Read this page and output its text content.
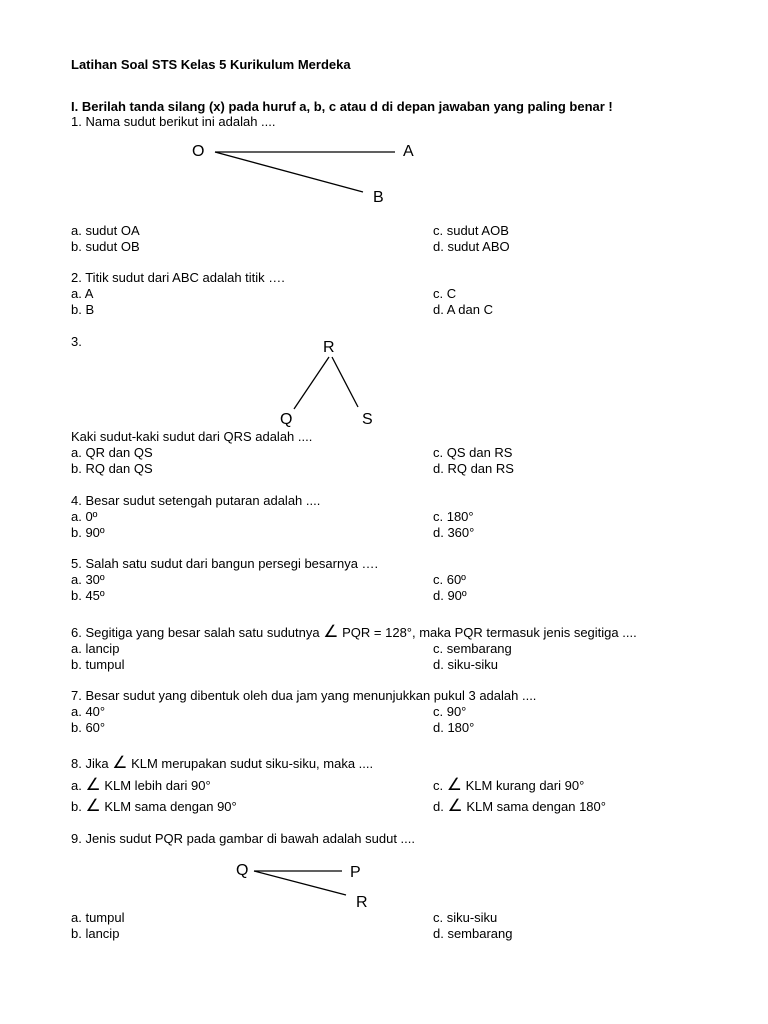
Latihan Soal STS Kelas 5 Kurikulum Merdeka
I. Berilah tanda silang (x) pada huruf a, b, c atau d di depan jawaban yang paling benar !
1. Nama sudut berikut ini adalah ....
O	A
B
a. sudut OA
b. sudut OB
c. sudut AOB
d. sudut ABO
2. Titik sudut dari ABC adalah titik ….
a. A
b. B
c. C
d. A dan C
3.	R
Q	S
Kaki sudut-kaki sudut dari QRS adalah ....
a. QR dan QS
b. RQ dan QS
c. QS dan RS
d. RQ dan RS
4. Besar sudut setengah putaran adalah ....
a. 0º
b. 90º
c. 180°
d. 360°
5. Salah satu sudut dari bangun persegi besarnya ….
a. 30º
b. 45º
c. 60º
d. 90º
6. Segitiga yang besar salah satu sudutnya ∠ PQR = 128°, maka PQR termasuk jenis segitiga ....
a. lancip
b. tumpul
c. sembarang
d. siku-siku
7. Besar sudut yang dibentuk oleh dua jam yang menunjukkan pukul 3 adalah ....
a. 40°
b. 60°
c. 90°
d. 180°
8. Jika ∠ KLM merupakan sudut siku-siku, maka ....
a. ∠ KLM lebih dari 90°
b. ∠ KLM sama dengan 90°
c. ∠ KLM kurang dari 90°
d. ∠ KLM sama dengan 180°
9. Jenis sudut PQR pada gambar di bawah adalah sudut ....
Q	P
R
a. tumpul
b. lancip
c. siku-siku
d. sembarang
